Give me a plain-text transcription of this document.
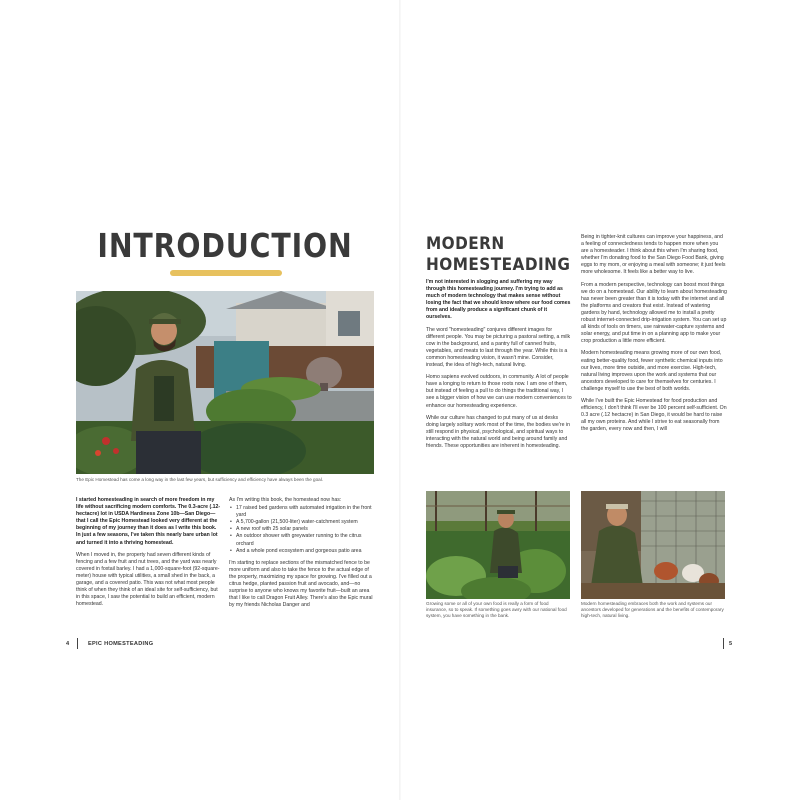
INTRODUCTION
The Epic Homestead has come a long way in the last few years, but sufficiency and efficiency have always been the goal.

I started homesteading in search of more freedom in my life without sacrificing modern comforts. The 0.3-acre (.12-hectacre) lot in USDA Hardiness Zone 10b—San Diego—that I call the Epic Homestead looked very different at the beginning of my journey than it does as I write this book. In just a few seasons, I've taken this nearly bare urban lot and turned it into a thriving homestead.

When I moved in, the property had seven different kinds of fencing and a few fruit and nut trees, and the yard was nearly covered in foxtail barley. I had a 1,000-square-foot (92-square-meter) house with typical utilities, a small shed in the back, a garage, and a covered patio. This was not what most people think of when they think of an ideal site for self-sufficiency, but in this space, I saw the potential to build an efficient, modern homestead.

As I'm writing this book, the homestead now has:

• 17 raised bed gardens with automated irrigation in the front yard
• A 5,700-gallon (21,500-liter) water-catchment system
• A new roof with 25 solar panels
• An outdoor shower with greywater running to the citrus orchard
• And a whole pond ecosystem and gorgeous patio area

I'm starting to replace sections of the mismatched fence to be more uniform and also to take the fence to the actual edge of the property, maximizing my space for growing. I've filled out a citrus hedge, planted passion fruit and avocado, and—no surprise to anyone who knows my favorite fruit—built an area that I like to call Dragon Fruit Alley. There's also the Epic mural by my friends Nicholas Danger and

4	EPIC HOMESTEADING
MODERN
HOMESTEADING

I'm not interested in slogging and suffering my way through this homesteading journey. I'm trying to add as much of modern technology that makes sense without losing the fact that we should know where our food comes from and ideally produce a significant chunk of it ourselves.

The word "homesteading" conjures different images for different people. You may be picturing a pastoral setting, a milk cow in the background, and a pantry full of canned fruits, vegetables, and meats to last through the year. While this is a common homesteading vision, it wasn't mine. Consider, instead, the idea of high-tech, natural living.

Homo sapiens evolved outdoors, in community. A lot of people have a longing to return to those roots now. I am one of them, but instead of feeling a pull to do things the traditional way, I see a bigger vision of how we can use modern conveniences to enhance our homesteading experience.

While our culture has changed to put many of us at desks doing largely solitary work most of the time, the bodies we're in still respond in physical, psychological, and spiritual ways to interacting with the natural world and being around family and friends. These opportunities are inherent in homesteading.

Being in tighter-knit cultures can improve your happiness, and a feeling of connectedness tends to happen more when you are a homesteader. I think about this when I'm sharing food, whether I'm donating food to the San Diego Food Bank, giving eggs to my mom, or enjoying a meal with someone; it just feels more wholesome. It feels like a better way to live.

From a modern perspective, technology can boost most things we do on a homestead. Our ability to learn about homesteading has never been greater than it is today with the internet and all the platforms and creators that exist. Instead of watering gardens by hand, technology allowed me to install a pretty robust internet-connected drip-irrigation system. You can set up all kinds of tools on timers, use rainwater-capture systems and solar energy, and put time in on a planning app to make your crop production a little more efficient.

Modern homesteading means growing more of our own food, eating better-quality food, fewer synthetic chemical inputs into our lives, more time outside, and more exercise. High-tech, natural living improves upon the work and systems that our ancestors developed to care for themselves for centuries. I challenge myself to use the best of both worlds.

While I've built the Epic Homestead for food production and efficiency, I don't think I'll ever be 100 percent self-sufficient. On 0.3 acre (.12 hectacre) in San Diego, it would be hard to raise all my own proteins. And while I strive to eat seasonally from the garden, every now and then, I will

Growing some or all of your own food is really a form of food insurance, so to speak. If something goes awry with our national food system, you have something in the bank.
Modern homesteading embraces both the work and systems our ancestors developed for generations and the benefits of contemporary high-tech, natural living.
5
